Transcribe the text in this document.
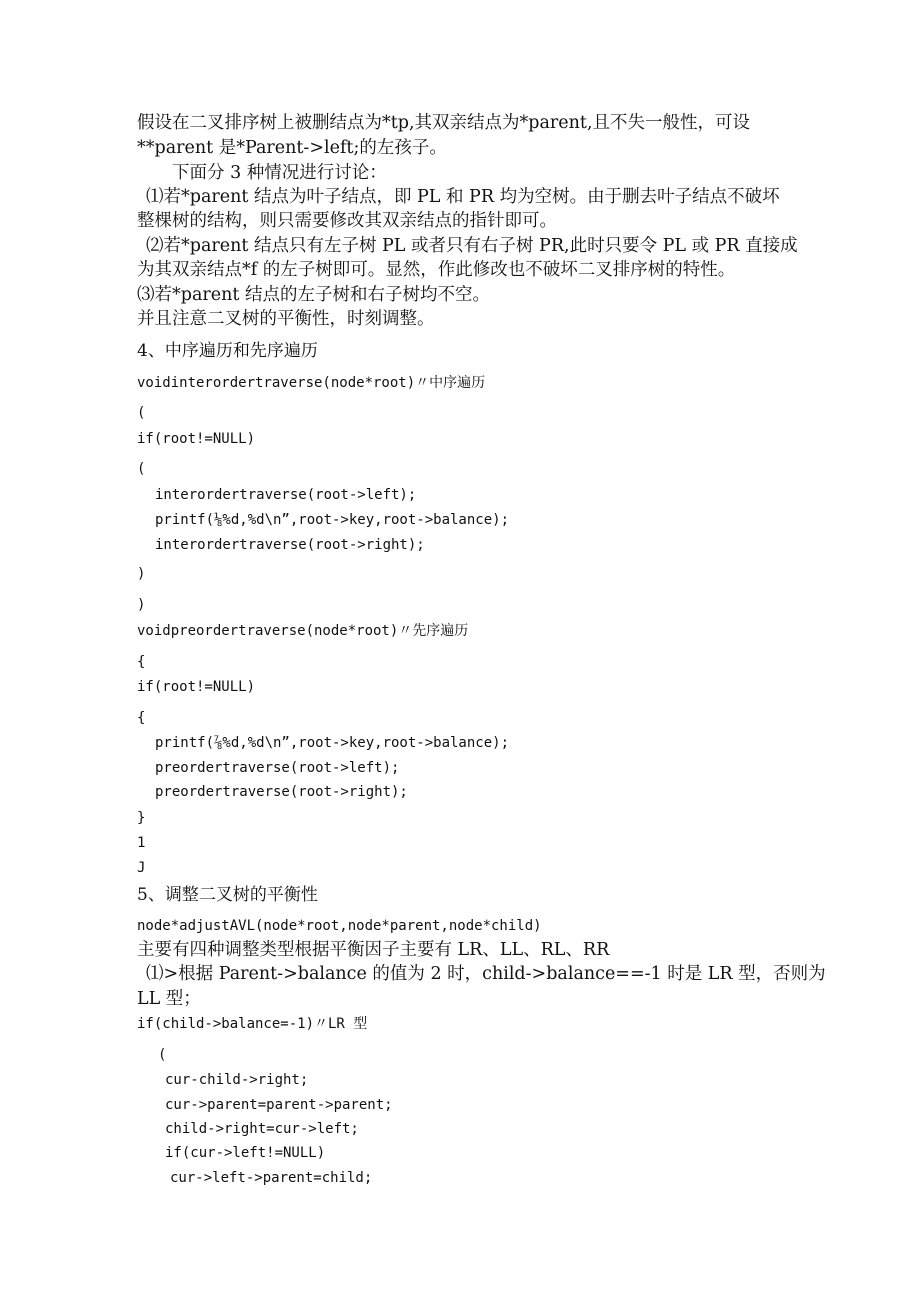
假设在二叉排序树上被删结点为*tp,其双亲结点为*parent,且不失一般性，可设
**parent 是*Parent->left;的左孩子。
下面分 3 种情况进行讨论：
⑴若*parent 结点为叶子结点，即 PL 和 PR 均为空树。由于删去叶子结点不破坏
整棵树的结构，则只需要修改其双亲结点的指针即可。
⑵若*parent 结点只有左子树 PL 或者只有右子树 PR,此时只要令 PL 或 PR 直接成
为其双亲结点*f 的左子树即可。显然，作此修改也不破坏二叉排序树的特性。
⑶若*parent 结点的左子树和右子树均不空。
并且注意二叉树的平衡性，时刻调整。
4、中序遍历和先序遍历
voidinterordertraverse(node*root)〃中序遍历
(
if(root!=NULL)
(
interordertraverse(root->left);
printf(⅛%d,%d\n”,root->key,root->balance);
interordertraverse(root->right);
)
)
voidpreordertraverse(node*root)〃先序遍历
{
if(root!=NULL)
{
printf(⅞%d,%d\n”,root->key,root->balance);
preordertraverse(root->left);
preordertraverse(root->right);
}
1
J
5、调整二叉树的平衡性
node*adjustAVL(node*root,node*parent,node*child)
主要有四种调整类型根据平衡因子主要有 LR、LL、RL、RR
⑴>根据 Parent->balance 的值为 2 时，child->balance==-1 时是 LR 型，否则为
LL 型；
if(child->balance=-1)〃LR 型
(
cur-child->right;
cur->parent=parent->parent;
child->right=cur->left;
if(cur->left!=NULL)
cur->left->parent=child;
